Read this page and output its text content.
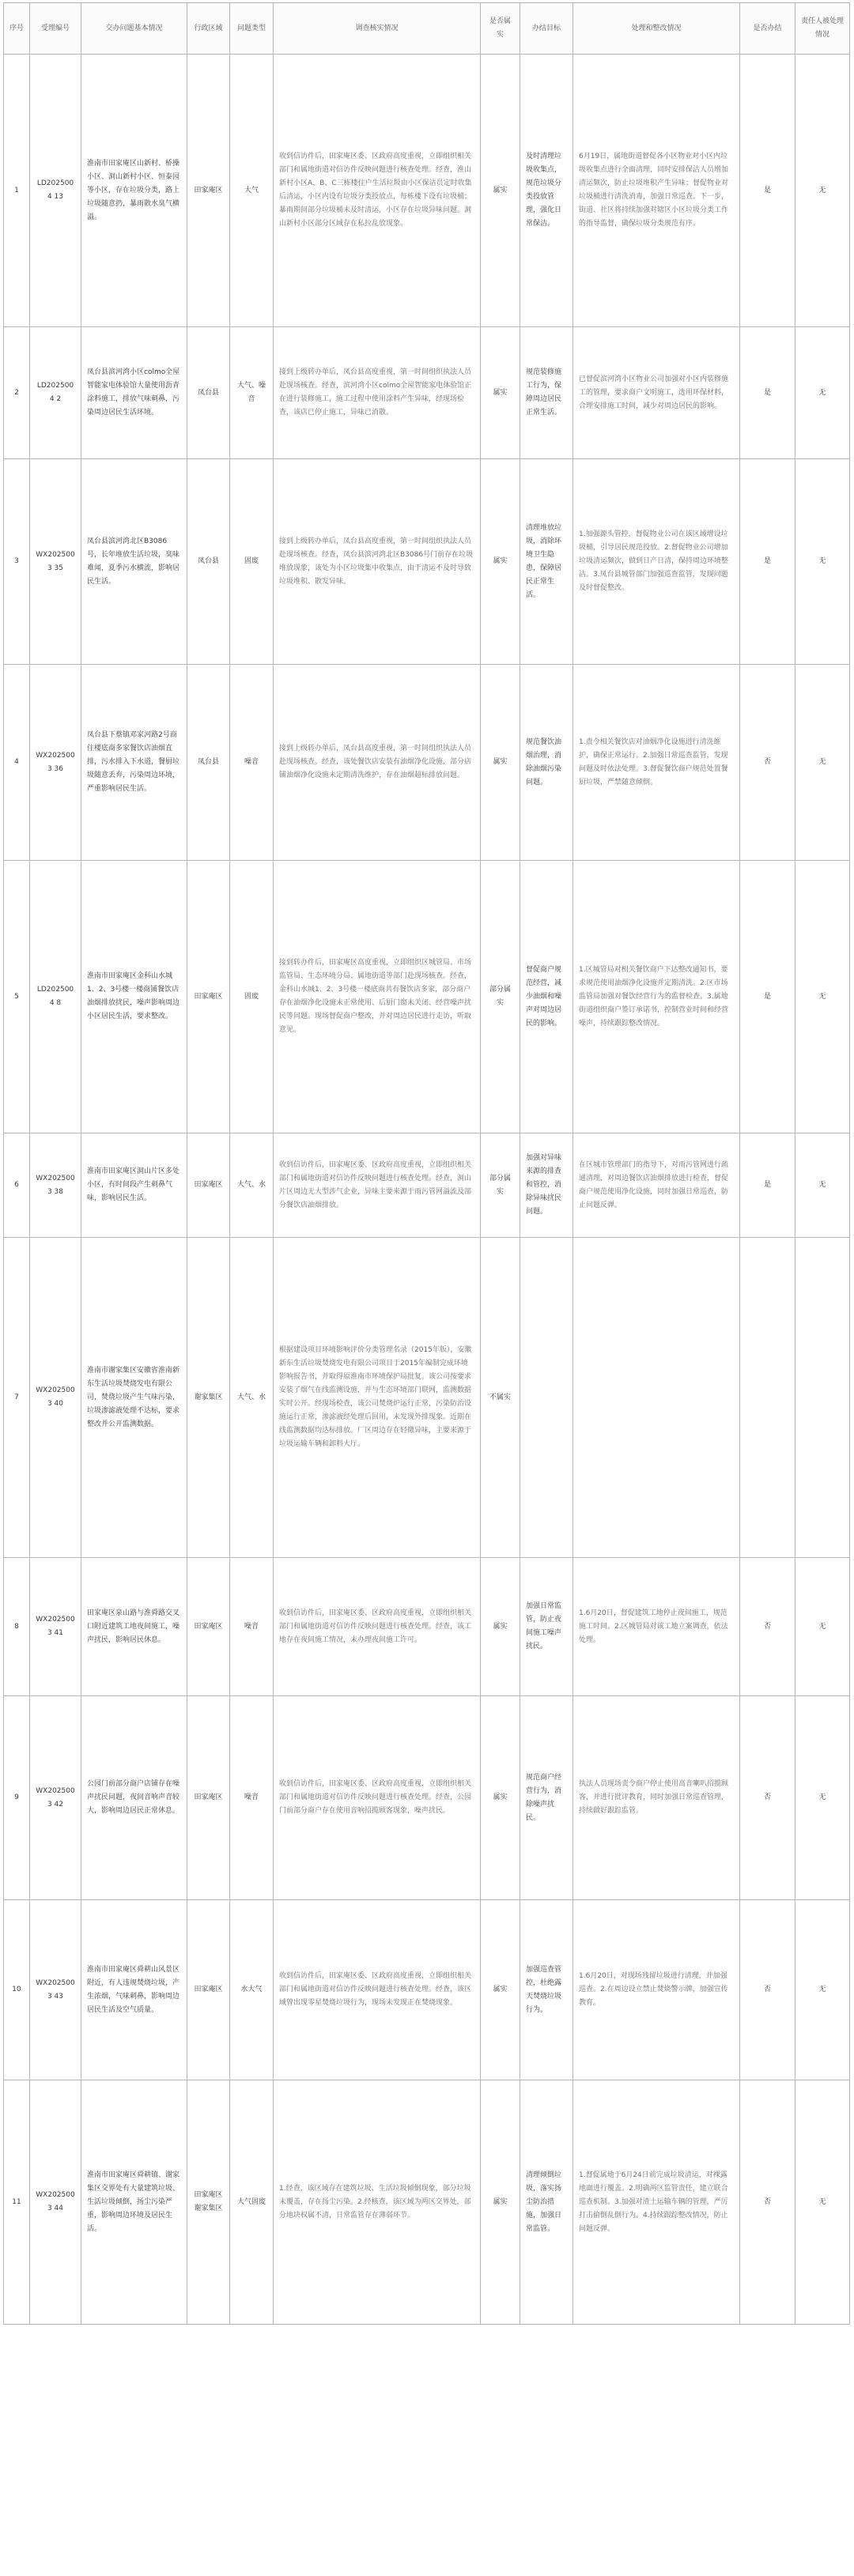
序号	受理编号	交办问题基本情况	行政区域	问题类型	调查核实情况	是否属实	办结目标	处理和整改情况	是否办结	责任人被处理情况
1	LD2025004 13	淮南市田家庵区山新村、桥操小区、洞山新村小区、恒泰园等小区，存在垃圾分类，路上垃圾随意扔，暴雨散水臭气横溢。	田家庵区	大气	收到信访件后，田家庵区委、区政府高度重视，立即组织相关部门和属地街道对信访件反映问题进行核查处理。经查，淮山新村小区A、B、C三栋楼住户生活垃圾由小区保洁员定时收集后清运，小区内设有垃圾分类投放点，每栋楼下设有垃圾桶；暴雨期间部分垃圾桶未及时清运，小区存在垃圾异味问题。洞山新村小区部分区域存在私拉乱放现象。	属实	及时清理垃圾收集点，规范垃圾分类投放管理，强化日常保洁。	6月19日，属地街道督促各小区物业对小区内垃圾收集点进行全面清理，同时安排保洁人员增加清运频次，防止垃圾堆积产生异味；督促物业对垃圾桶进行清洗消毒，加强日常巡查。下一步，街道、社区将持续加强对辖区小区垃圾分类工作的指导监督，确保垃圾分类规范有序。	是	无
2	LD2025004 2	凤台县滨河湾小区colmo全屋智能家电体验馆大量使用沥青涂料施工，排放气味刺鼻，污染周边居民生活环境。	凤台县	大气、噪音	接到上级转办单后，凤台县高度重视，第一时间组织执法人员赴现场核查。经查，滨河湾小区colmo全屋智能家电体验馆正在进行装修施工，施工过程中使用涂料产生异味，经现场检查，该店已停止施工，异味已消散。	属实	规范装修施工行为，保障周边居民正常生活。	已督促滨河湾小区物业公司加强对小区内装修施工的管理，要求商户文明施工，选用环保材料，合理安排施工时间，减少对周边居民的影响。	是	无
3	WX2025003 35	凤台县滨河湾北区B3086号，长年堆放生活垃圾，臭味难闻，夏季污水横流，影响居民生活。	凤台县	固废	接到上级转办单后，凤台县高度重视，第一时间组织执法人员赴现场核查。经查，凤台县滨河湾北区B3086号门前存在垃圾堆放现象，该处为小区垃圾集中收集点，由于清运不及时导致垃圾堆积、散发异味。	属实	清理堆放垃圾，消除环境卫生隐患，保障居民正常生活。	1.加强源头管控，督促物业公司在该区域增设垃圾桶，引导居民规范投放。2.督促物业公司增加垃圾清运频次，做到日产日清，保持周边环境整洁。3.凤台县城管部门加强巡查监管，发现问题及时督促整改。	是	无
4	WX2025003 36	凤台县下蔡镇邓家河路2号商住楼底商多家餐饮店油烟直排，污水排入下水道，餐厨垃圾随意丢弃，污染周边环境，严重影响居民生活。	凤台县	噪音	接到上级转办单后，凤台县高度重视，第一时间组织执法人员赴现场核查。经查，该处餐饮店安装有油烟净化设施，部分店铺油烟净化设施未定期清洗维护，存在油烟超标排放问题。	属实	规范餐饮油烟治理，消除油烟污染问题。	1.责令相关餐饮店对油烟净化设施进行清洗维护，确保正常运行。2.加强日常巡查监管，发现问题及时依法处理。3.督促餐饮商户规范处置餐厨垃圾，严禁随意倾倒。	否	无
5	LD2025004 8	淮南市田家庵区金科山水城1、2、3号楼一楼商铺餐饮店油烟排放扰民，噪声影响周边小区居民生活，要求整改。	田家庵区	固废	接到转办件后，田家庵区高度重视，立即组织区城管局、市场监管局、生态环境分局、属地街道等部门赴现场核查。经查，金科山水城1、2、3号楼一楼底商共有餐饮店多家，部分商户存在油烟净化设施未正常使用、后厨门窗未关闭、经营噪声扰民等问题。现场督促商户整改，并对周边居民进行走访，听取意见。	部分属实	督促商户规范经营，减少油烟和噪声对周边居民的影响。	1.区城管局对相关餐饮商户下达整改通知书，要求规范使用油烟净化设施并定期清洗。2.区市场监管局加强对餐饮经营行为的监督检查。3.属地街道组织商户签订承诺书，控制营业时间和经营噪声，持续跟踪整改情况。	是	无
6	WX2025003 38	淮南市田家庵区洞山片区多处小区，有时间段产生刺鼻气味，影响居民生活。	田家庵区	大气、水	收到信访件后，田家庵区委、区政府高度重视，立即组织相关部门和属地街道对信访件反映问题进行核查处理。经查，洞山片区周边无大型涉气企业，异味主要来源于雨污管网溢流及部分餐饮店油烟排放。	部分属实	加强对异味来源的排查和管控，消除异味扰民问题。	在区城市管理部门的指导下，对雨污管网进行疏通清理，对周边餐饮店油烟排放进行检查，督促商户规范使用净化设施，同时加强日常巡查，防止问题反弹。	是	无
7	WX2025003 40	淮南市谢家集区安徽省淮南新东生活垃圾焚烧发电有限公司，焚烧垃圾产生气味污染，垃圾渗滤液处理不达标，要求整改并公开监测数据。	谢家集区	大气、水	根据建设项目环境影响评价分类管理名录（2015年版），安徽新东生活垃圾焚烧发电有限公司项目于2015年编制完成环境影响报告书，并取得原淮南市环境保护局批复。该公司按要求安装了烟气在线监测设施，并与生态环境部门联网，监测数据实时公开。经现场检查，该公司焚烧炉运行正常，污染防治设施运行正常，渗滤液经处理后回用，未发现外排现象。近期在线监测数据均达标排放。厂区周边存在轻微异味，主要来源于垃圾运输车辆和卸料大厅。	不属实				
8	WX2025003 41	田家庵区泉山路与淮舜路交叉口附近建筑工地夜间施工，噪声扰民，影响居民休息。	田家庵区	噪音	收到信访件后，田家庵区委、区政府高度重视，立即组织相关部门和属地街道对信访件反映问题进行核查处理。经查，该工地存在夜间施工情况，未办理夜间施工许可。	属实	加强日常监管，防止夜间施工噪声扰民。	1.6月20日，督促建筑工地停止夜间施工，规范施工时间。2.区城管局对该工地立案调查，依法处理。	否	无
9	WX2025003 42	公园门前部分商户店铺存在噪声扰民问题，夜间音响声音较大，影响周边居民正常休息。	田家庵区	噪音	收到信访件后，田家庵区委、区政府高度重视，立即组织相关部门和属地街道对信访件反映问题进行核查处理。经查，公园门前部分商户存在使用音响招揽顾客现象，噪声扰民。	属实	规范商户经营行为，消除噪声扰民。	执法人员现场责令商户停止使用高音喇叭招揽顾客，并进行批评教育，同时加强日常巡查管理，持续做好跟踪监管。	否	无
10	WX2025003 43	淮南市田家庵区舜耕山风景区附近，有人违规焚烧垃圾，产生浓烟，气味刺鼻，影响周边居民生活及空气质量。	田家庵区	水大气	收到信访件后，田家庵区委、区政府高度重视，立即组织相关部门和属地街道对信访件反映问题进行核查处理。经查，该区域曾出现零星焚烧垃圾行为，现场未发现正在焚烧现象。	属实	加强巡查管控，杜绝露天焚烧垃圾行为。	1.6月20日，对现场残留垃圾进行清理，并加强巡查。2.在周边设立禁止焚烧警示牌，加强宣传教育。	否	无
11	WX2025003 44	淮南市田家庵区舜耕镇、谢家集区交界处有大量建筑垃圾、生活垃圾倾倒，扬尘污染严重，影响周边环境及居民生活。	田家庵区谢家集区	大气固废	1.经查，该区域存在建筑垃圾、生活垃圾倾倒现象，部分垃圾未覆盖，存在扬尘污染。2.经核查，该区域为两区交界处，部分地块权属不清，日常监管存在薄弱环节。	属实	清理倾倒垃圾，落实扬尘防治措施，加强日常监管。	1.督促属地于6月24日前完成垃圾清运，对裸露地面进行覆盖。2.明确两区监管责任，建立联合巡查机制。3.加强对渣土运输车辆的管理，严厉打击偷倒乱倒行为。4.持续跟踪整改情况，防止问题反弹。	否	无
